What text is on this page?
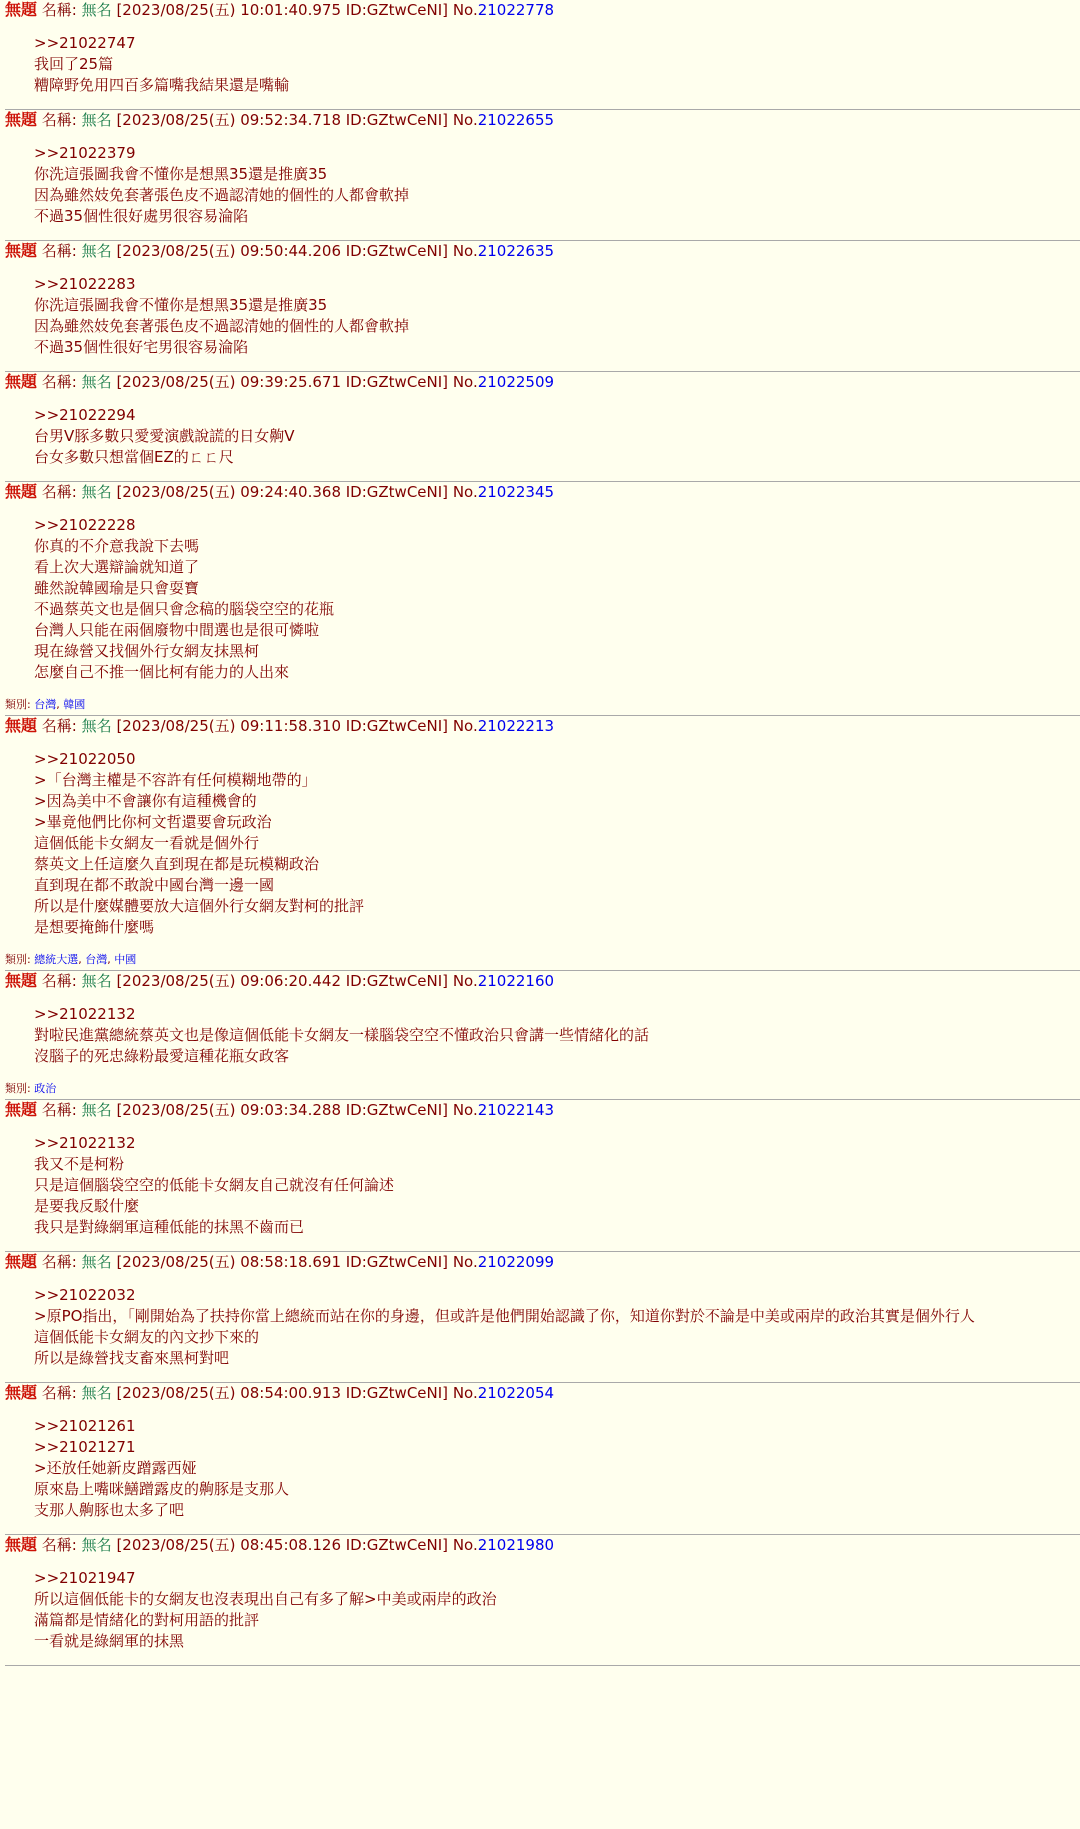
無題 名稱: 無名 [2023/08/25(五) 10:01:40.975 ID:GZtwCeNI] No.21022778
>>21022747
我回了25篇
糟障野免用四百多篇嘴我結果還是嘴輸
無題 名稱: 無名 [2023/08/25(五) 09:52:34.718 ID:GZtwCeNI] No.21022655
>>21022379
你洗這張圖我會不懂你是想黑35還是推廣35
因為雖然妓免套著張色皮不過認清她的個性的人都會軟掉
不過35個性很好處男很容易淪陷
無題 名稱: 無名 [2023/08/25(五) 09:50:44.206 ID:GZtwCeNI] No.21022635
>>21022283
你洗這張圖我會不懂你是想黑35還是推廣35
因為雖然妓免套著張色皮不過認清她的個性的人都會軟掉
不過35個性很好宅男很容易淪陷
無題 名稱: 無名 [2023/08/25(五) 09:39:25.671 ID:GZtwCeNI] No.21022509
>>21022294
台男V豚多數只愛愛演戲說謊的日女齁V
台女多數只想當個EZ的ㄈㄈ尺
無題 名稱: 無名 [2023/08/25(五) 09:24:40.368 ID:GZtwCeNI] No.21022345
>>21022228
你真的不介意我說下去嗎
看上次大選辯論就知道了
雖然說韓國瑜是只會耍寶
不過蔡英文也是個只會念稿的腦袋空空的花瓶
台灣人只能在兩個廢物中間選也是很可憐啦
現在綠營又找個外行女網友抹黑柯
怎麼自己不推一個比柯有能力的人出來
類別: 台灣, 韓國
無題 名稱: 無名 [2023/08/25(五) 09:11:58.310 ID:GZtwCeNI] No.21022213
>>21022050
>「台灣主權是不容許有任何模糊地帶的」
>因為美中不會讓你有這種機會的
>畢竟他們比你柯文哲還要會玩政治
這個低能卡女網友一看就是個外行
蔡英文上任這麼久直到現在都是玩模糊政治
直到現在都不敢說中國台灣一邊一國
所以是什麼媒體要放大這個外行女網友對柯的批評
是想要掩飾什麼嗎
類別: 總統大選, 台灣, 中國
無題 名稱: 無名 [2023/08/25(五) 09:06:20.442 ID:GZtwCeNI] No.21022160
>>21022132
對啦民進黨總統蔡英文也是像這個低能卡女網友一樣腦袋空空不懂政治只會講一些情緒化的話
沒腦子的死忠綠粉最愛這種花瓶女政客
類別: 政治
無題 名稱: 無名 [2023/08/25(五) 09:03:34.288 ID:GZtwCeNI] No.21022143
>>21022132
我又不是柯粉
只是這個腦袋空空的低能卡女網友自己就沒有任何論述
是要我反駁什麼
我只是對綠網軍這種低能的抹黑不齒而已
無題 名稱: 無名 [2023/08/25(五) 08:58:18.691 ID:GZtwCeNI] No.21022099
>>21022032
>原PO指出，「剛開始為了扶持你當上總統而站在你的身邊，但或許是他們開始認識了你，知道你對於不論是中美或兩岸的政治其實是個外行人
這個低能卡女網友的內文抄下來的
所以是綠營找支畜來黑柯對吧
無題 名稱: 無名 [2023/08/25(五) 08:54:00.913 ID:GZtwCeNI] No.21022054
>>21021261
>>21021271
>还放任她新皮蹭露西娅
原來島上嘴咪鱔蹭露皮的齁豚是支那人
支那人齁豚也太多了吧
無題 名稱: 無名 [2023/08/25(五) 08:45:08.126 ID:GZtwCeNI] No.21021980
>>21021947
所以這個低能卡的女網友也沒表現出自己有多了解>中美或兩岸的政治
滿篇都是情緒化的對柯用語的批評
一看就是綠網軍的抹黑
